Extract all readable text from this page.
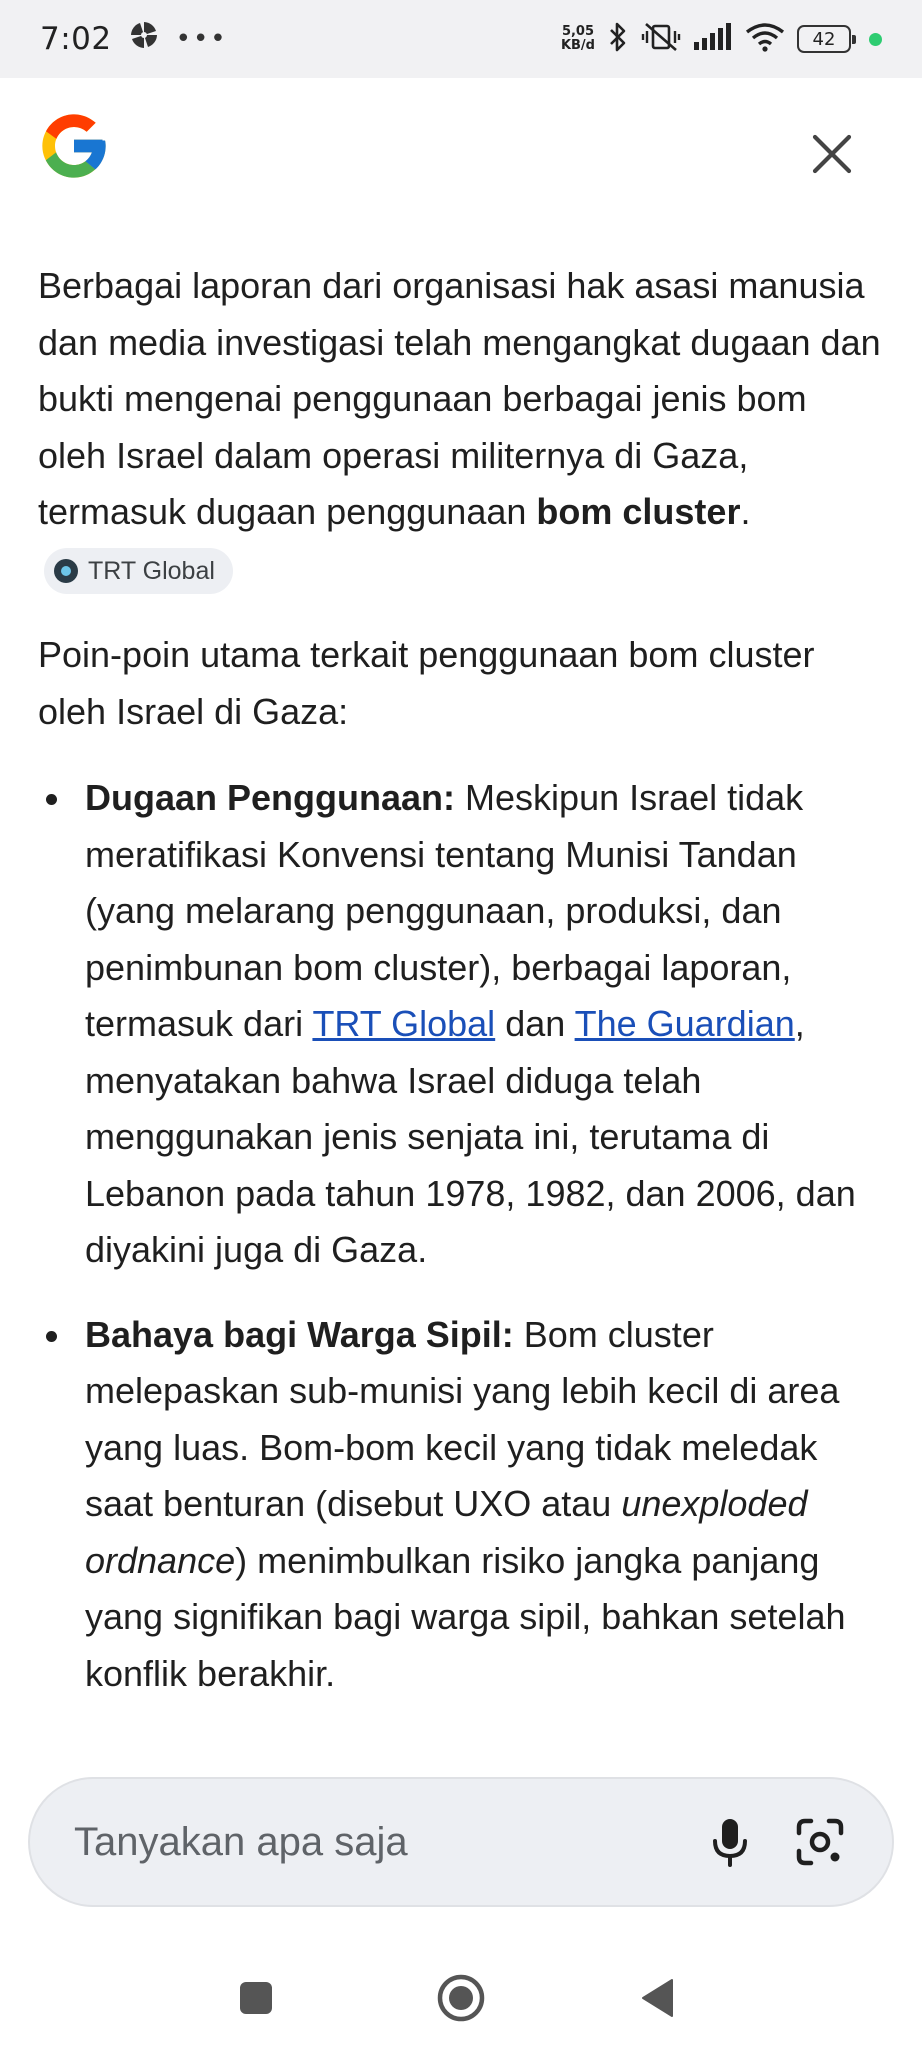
7:02 •••	5,05
KB/d	42

Berbagai laporan dari organisasi hak asasi manusia dan media investigasi telah mengangkat dugaan dan bukti mengenai penggunaan berbagai jenis bom oleh Israel dalam operasi militernya di Gaza, termasuk dugaan penggunaan bom cluster.
TRT Global

Poin-poin utama terkait penggunaan bom cluster oleh Israel di Gaza:

Dugaan Penggunaan: Meskipun Israel tidak meratifikasi Konvensi tentang Munisi Tandan (yang melarang penggunaan, produksi, dan penimbunan bom cluster), berbagai laporan, termasuk dari TRT Global dan The Guardian, menyatakan bahwa Israel diduga telah menggunakan jenis senjata ini, terutama di Lebanon pada tahun 1978, 1982, dan 2006, dan diyakini juga di Gaza.
Bahaya bagi Warga Sipil: Bom cluster melepaskan sub-munisi yang lebih kecil di area yang luas. Bom-bom kecil yang tidak meledak saat benturan (disebut UXO atau unexploded ordnance) menimbulkan risiko jangka panjang yang signifikan bagi warga sipil, bahkan setelah konflik berakhir.
Tanyakan apa saja
